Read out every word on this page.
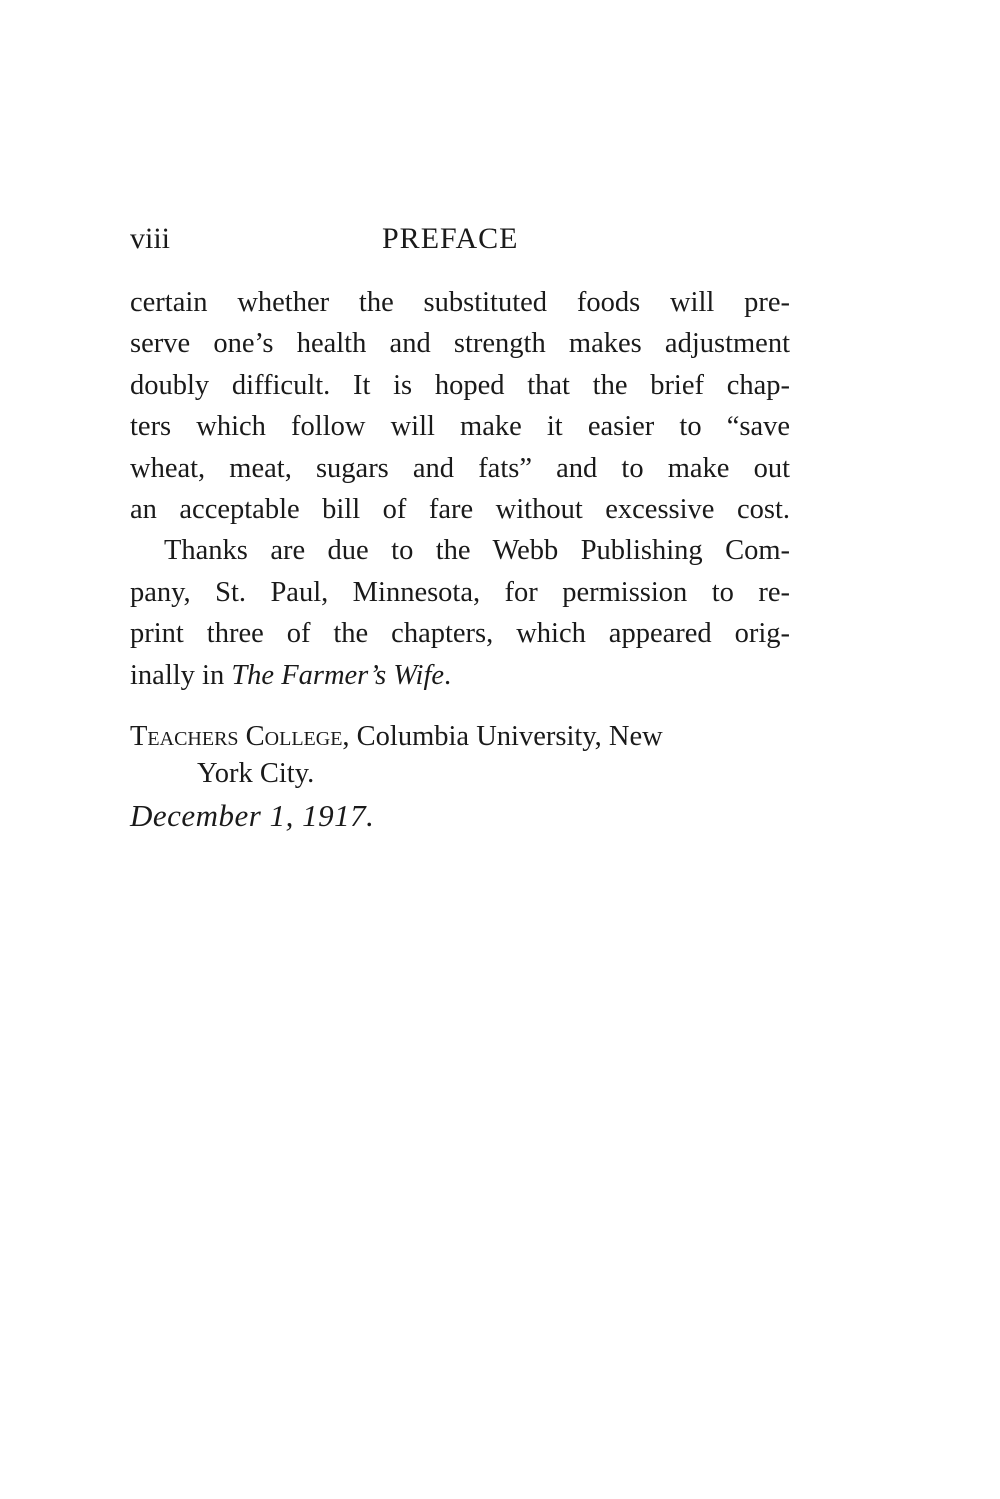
viii	PREFACE
certain whether the substituted foods will pre-
serve one’s health and strength makes adjustment
doubly difficult. It is hoped that the brief chap-
ters which follow will make it easier to “save
wheat, meat, sugars and fats” and to make out
an acceptable bill of fare without excessive cost.
Thanks are due to the Webb Publishing Com-
pany, St. Paul, Minnesota, for permission to re-
print three of the chapters, which appeared orig-
inally in The Farmer’s Wife.
Teachers College, Columbia University, New
York City.
December 1, 1917.
